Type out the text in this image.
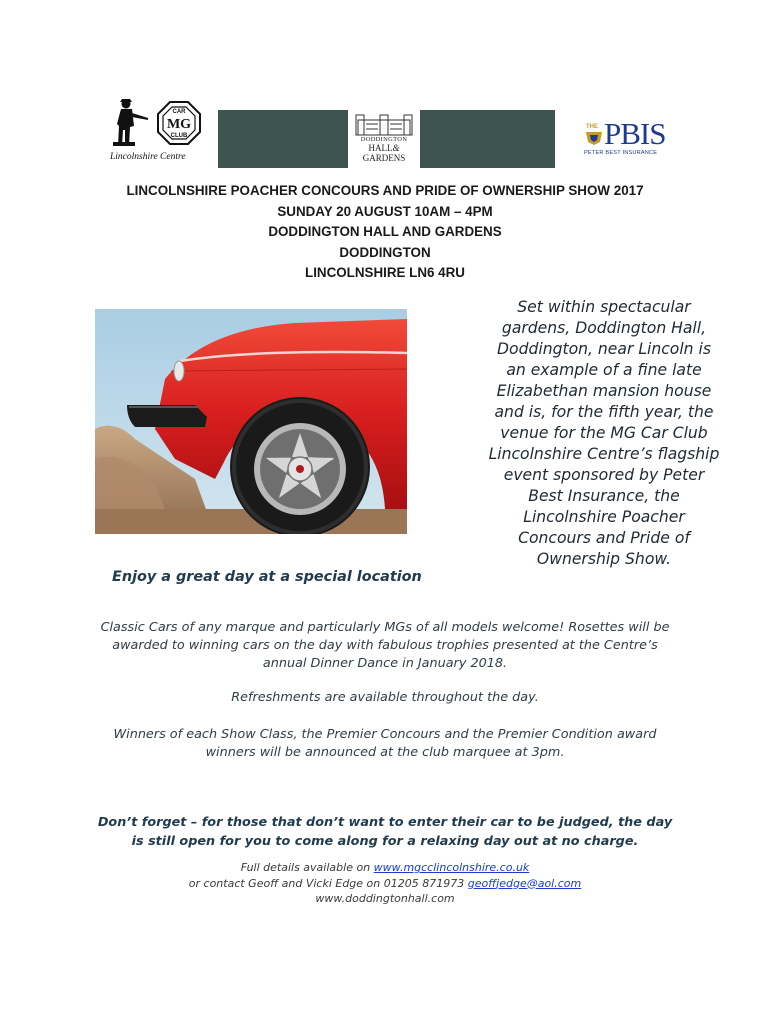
CAR
MG
CLUB
Lincolnshire Centre
DODDINGTON
HALL&
GARDENS
THE PBIS
PETER BEST INSURANCE
LINCOLNSHIRE POACHER CONCOURS AND PRIDE OF OWNERSHIP SHOW 2017
SUNDAY 20 AUGUST 10AM – 4PM
DODDINGTON HALL AND GARDENS
DODDINGTON
LINCOLNSHIRE LN6 4RU
Set within spectacular
gardens, Doddington Hall,
Doddington, near Lincoln is
an example of a fine late
Elizabethan mansion house
and is, for the fifth year, the
venue for the MG Car Club
Lincolnshire Centre’s flagship
event sponsored by Peter
Best Insurance, the
Lincolnshire Poacher
Concours and Pride of
Ownership Show.
Enjoy a great day at a special location
Classic Cars of any marque and particularly MGs of all models welcome! Rosettes will be
awarded to winning cars on the day with fabulous trophies presented at the Centre’s
annual Dinner Dance in January 2018.
Refreshments are available throughout the day.
Winners of each Show Class, the Premier Concours and the Premier Condition award
winners will be announced at the club marquee at 3pm.
Don’t forget – for those that don’t want to enter their car to be judged, the day
is still open for you to come along for a relaxing day out at no charge.
Full details available on www.mgcclincolnshire.co.uk
or contact Geoff and Vicki Edge on 01205 871973 geoffjedge@aol.com
www.doddingtonhall.com
